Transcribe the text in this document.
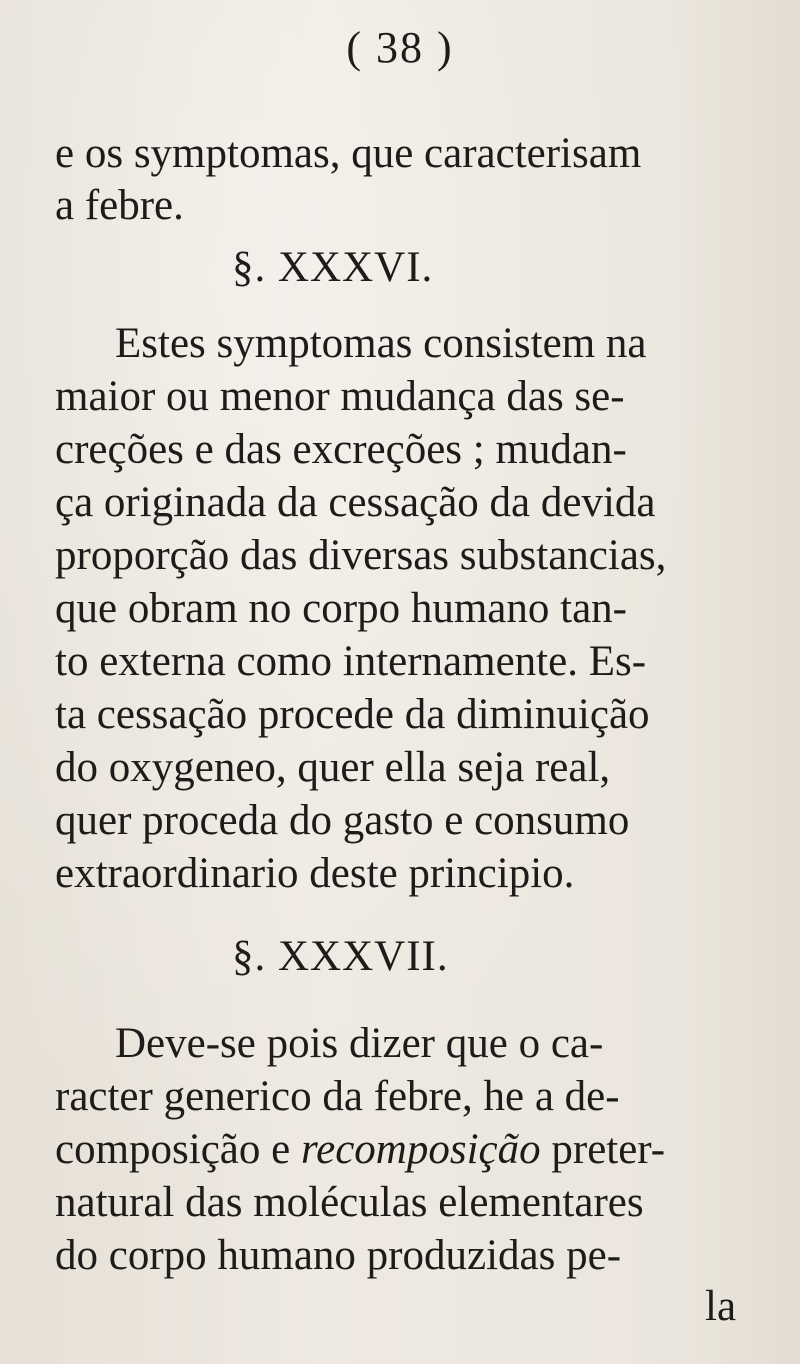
( 38 )
e os symptomas, que caracterisam
a febre.
§. XXXVI.
Estes symptomas consistem na
maior ou menor mudança das se-
creções e das excreções ; mudan-
ça originada da cessação da devida
proporção das diversas substancias,
que obram no corpo humano tan-
to externa como internamente. Es-
ta cessação procede da diminuição
do oxygeneo, quer ella seja real,
quer proceda do gasto e consumo
extraordinario deste principio.
§. XXXVII.
Deve-se pois dizer que o ca-
racter generico da febre, he a de-
composição e recomposição preter-
natural das moléculas elementares
do corpo humano produzidas pe-
la
